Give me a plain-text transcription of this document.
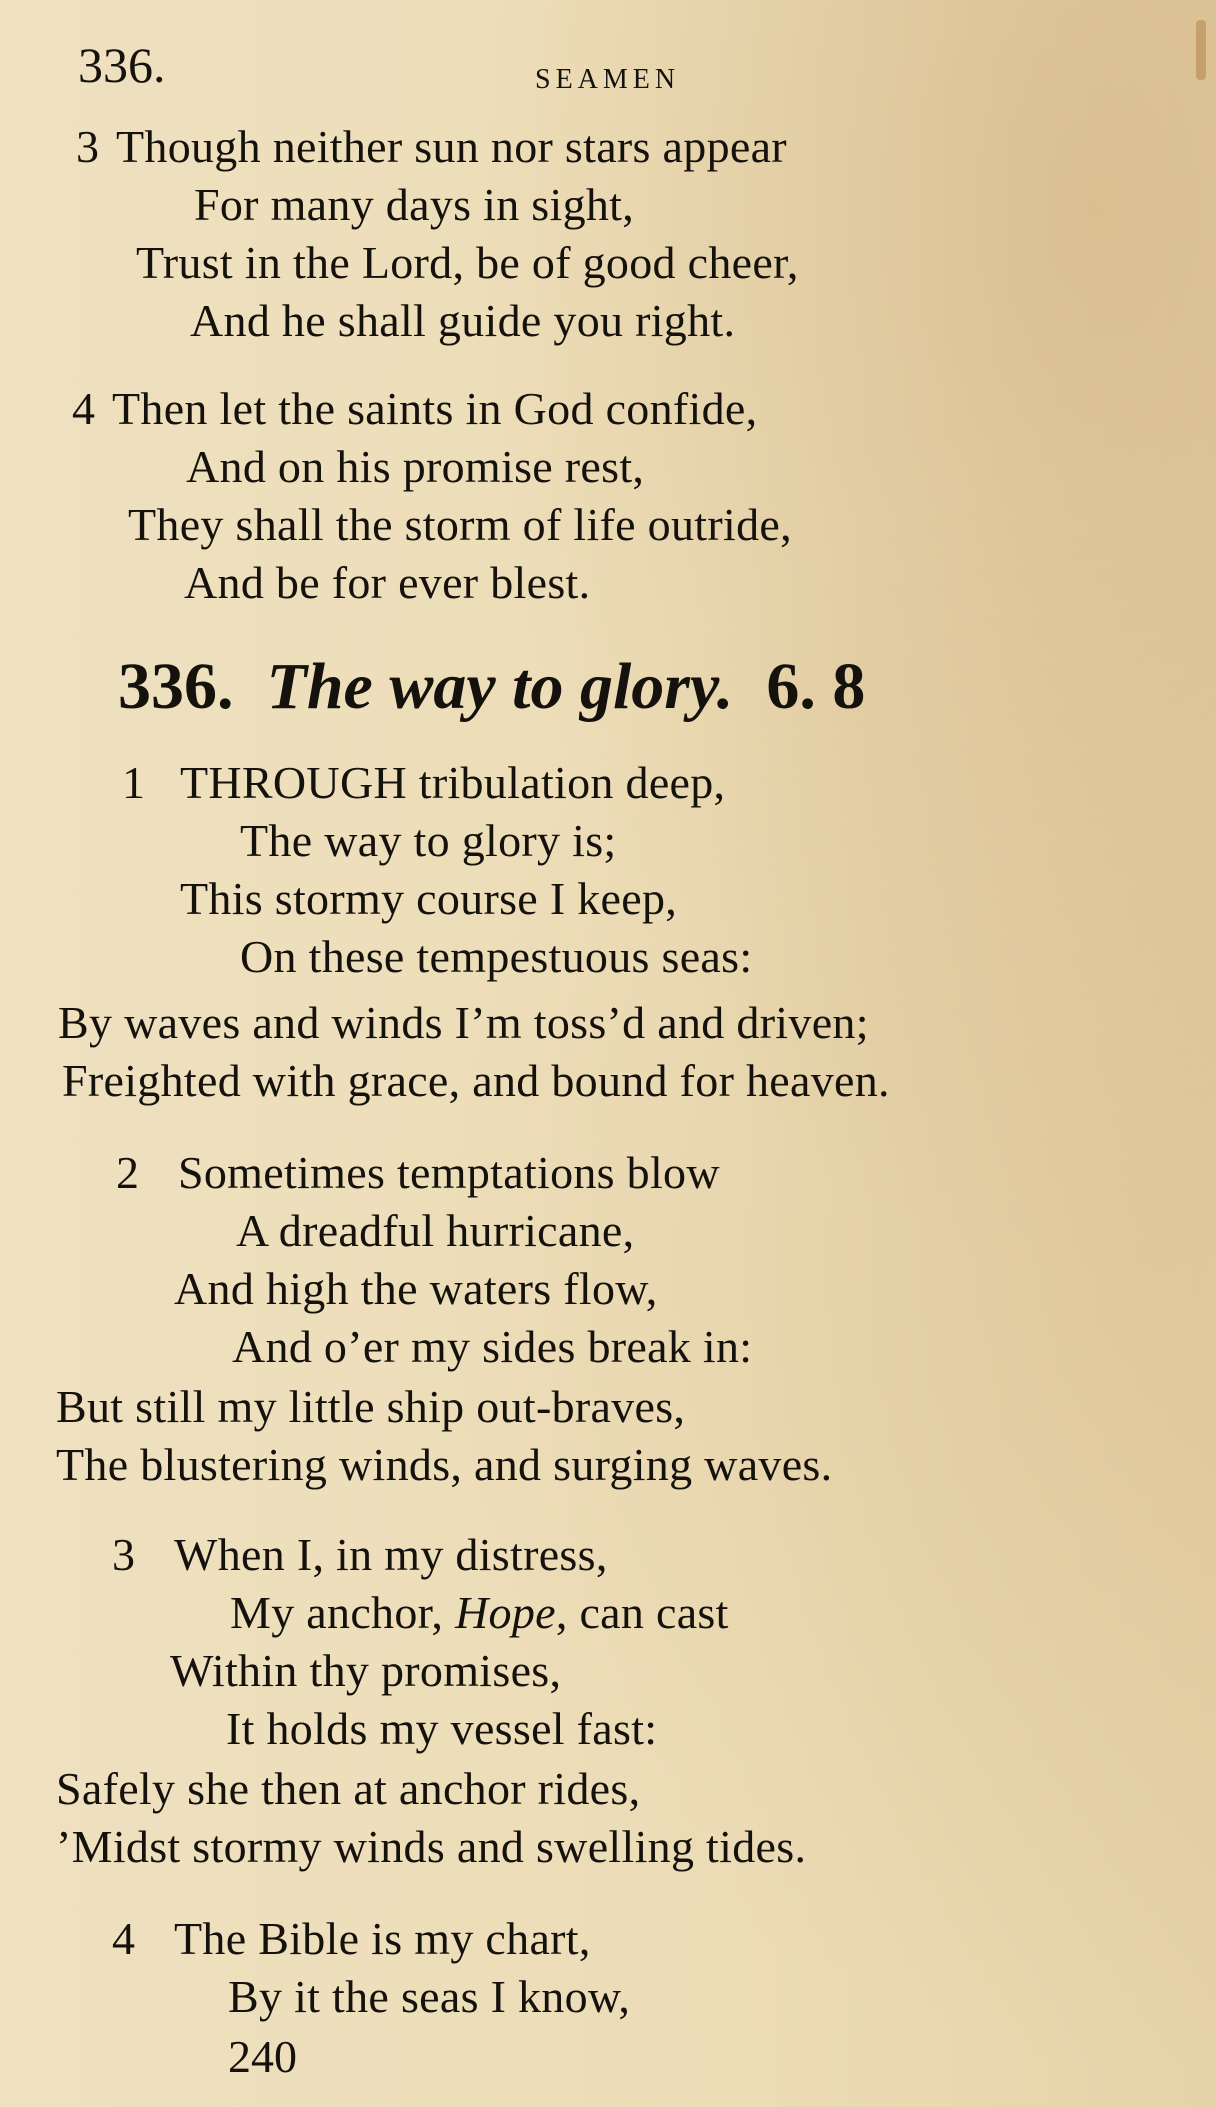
336.	SEAMEN
3 Though neither sun nor stars appear
For many days in sight,
Trust in the Lord, be of good cheer,
And he shall guide you right.
4 Then let the saints in God confide,
And on his promise rest,
They shall the storm of life outride,
And be for ever blest.
336. The way to glory. 6. 8
1 THROUGH tribulation deep,
The way to glory is;
This stormy course I keep,
On these tempestuous seas:
By waves and winds I’m toss’d and driven;
Freighted with grace, and bound for heaven.
2 Sometimes temptations blow
A dreadful hurricane,
And high the waters flow,
And o’er my sides break in:
But still my little ship out-braves,
The blustering winds, and surging waves.
3 When I, in my distress,
My anchor, Hope, can cast
Within thy promises,
It holds my vessel fast:
Safely she then at anchor rides,
’Midst stormy winds and swelling tides.
4 The Bible is my chart,
By it the seas I know,
240
